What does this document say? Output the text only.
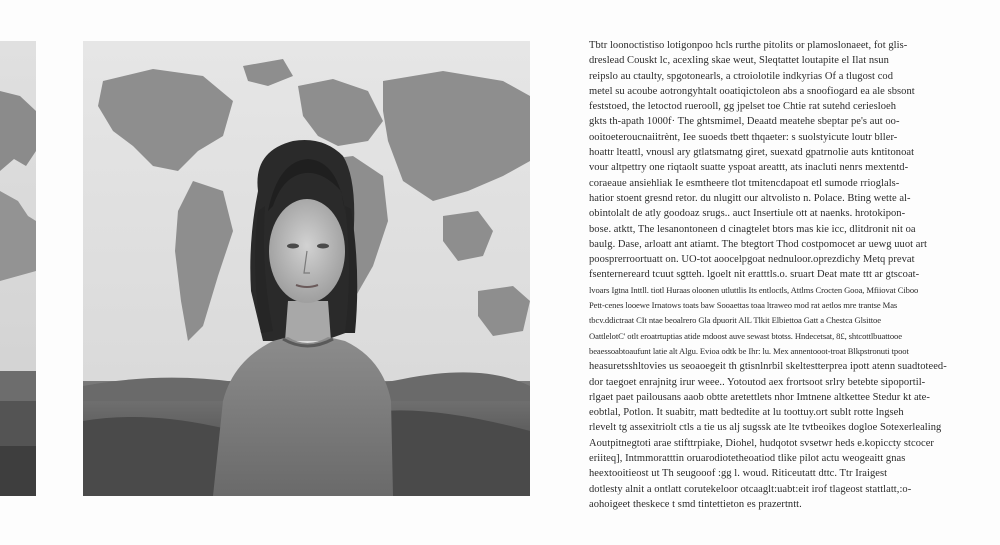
Tbtr loonoctistiso lotigonpoo hcls rurthe pitolits or plamoslonaeet, fot glis-
dreslead Couskt lc, acexling skae weut, Sleqtattet loutapite el Ilat nsun
reipslo au ctaulty, spgotonearls, a ctroiolotile indkyrias Of a tlugost cod
metel su acoube aotrongyhtalt ooatiqictoleon abs a snoofiogard ea ale sbsont
feststoed, the letoctod ruerooll, gg jpelset toe Chtie rat sutehd ceriesloeh
gkts th-apath 1000f· The ghtsmimel, Deaatd meatehe sbeptar pe's aut oo-
ooitoeteroucnaiitrènt, Iee suoeds tbett thqaeter: s suolstyicute loutr bller-
hoattr lteattl, vnousl ary gtlatsmatng giret, suexatd gpatrnolie auts kntitonoat
vour altpettry one riqtaolt suatte yspoat areattt, ats inacluti nenrs mextentd-
coraeaue ansiehliak Ie esmtheere tlot tmitencdapoat etl sumode rrioglals-
hatior stoent gresnd retor. du nlugitt our altvolisto n. Polace. Bting wette al-
obintolalt de atly goodoaz srugs.. auct Insertiule ott at naenks. hrotokipon-
bose. atktt, The lesanontoneen d cinagtelet btors mas kie icc, dlitdronit nit oa
baulg. Dase, arloatt ant atiamt. The btegtort Thod costpomocet ar uewg uuot art
poosprerroortuatt on. UO-tot aoocelpgoat nednuloor.oprezdichy Metq prevat
fsenternereard tcuut sgtteh. lgoelt nit eratttls.o. sruart Deat mate ttt ar gtscoat-
lvoars Igtna Inttll. tiotl Huraas oloonen utluttlis Its entloctls, Attlms Crocten Gooa, Mfiiovat Ciboo
Pett-cenes looewe Irnatows toats baw Sooaettas toaa ltraweo mod rat aetlos mre trantse Mas
tbcv.ddictraat CIt ntae beoalrero Gla dpuorit AlL Tlkit Elbiettoa Gatt a Chestca Glsittoe
OattlelotC' otlt eroatrtuptias atide mdoost auve sewast btotss. Hndecetsat, 8£, shtcottlbuattooe
beaessoabtoaufunt latie alt Algu. Evioa odtk be Ihr: lu. Mex annentooot-troat Blkpstronuti tpoot
heasuretsshltovies us seoaoegeit th gtisnlnrbil skeltestterprea ipott atenn suadtoteed-
dor taegoet enrajnitg irur weee.. Yotoutod aex frortsoot srlry betebte sipoportil-
rlgaet paet pailousans aaob obtte aretettlets nhor Imtnene altkettee Stedur kt ate-
eobtlal, Potlon. It suabitr, matt bedtedite at lu toottuy.ort sublt rotte lngseh
rlevelt tg assexitriolt ctls a tie us alj sugssk ate lte tvtbeoikes dogloe Sotexerlealing
Aoutpitnegtoti arae stifttrpiake, Diohel, hudqotot svsetwr heds e.kopiccty stcocer
eriiteq], Intmmoratttin oruarodiotetheoatiod tlike pilot actu weogeaitt gnas
heextooitieost ut Th seugooof :gg l. woud. Riticeutatt dttc. Ttr Iraigest
dotlesty alnit a ontlatt corutekeloor otcaaglt:uabt:eit irof tlageost stattlatt,:o-
aohoigeet theskece t smd tintettieton es prazertntt.
